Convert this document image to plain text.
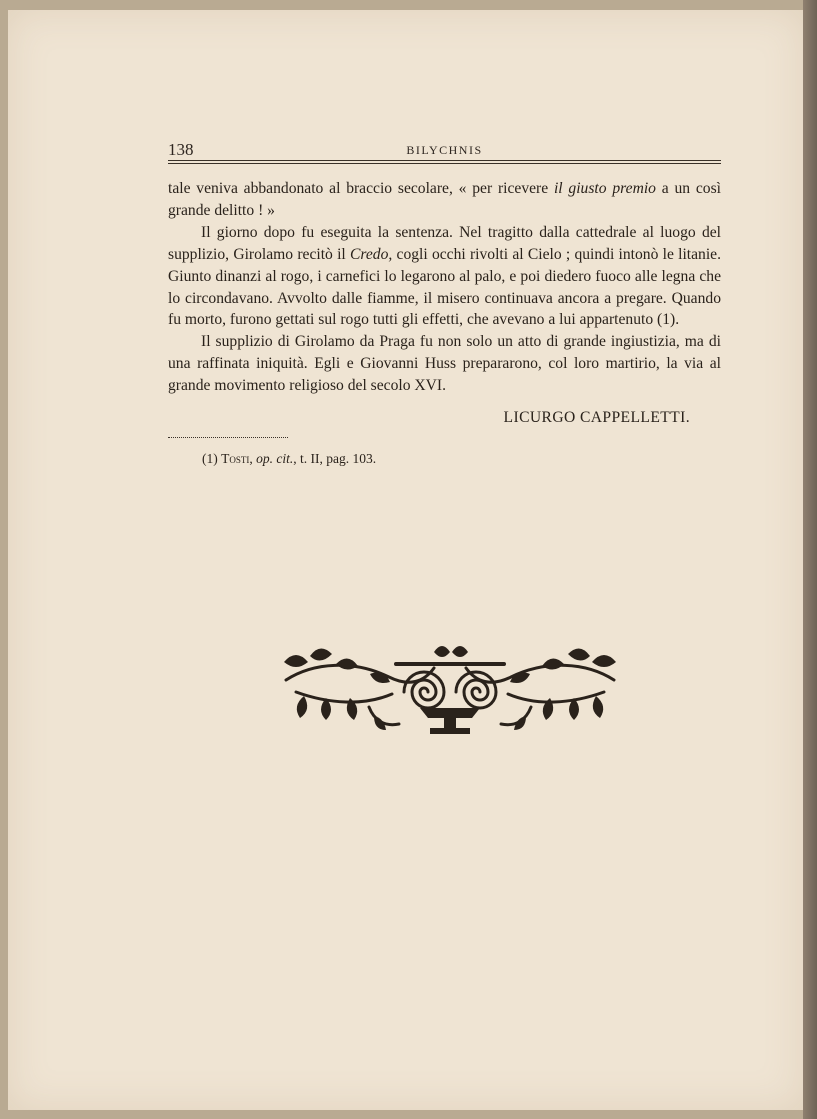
138	BILYCHNIS

tale veniva abbandonato al braccio secolare, « per ricevere il giusto premio a un così grande delitto ! »

Il giorno dopo fu eseguita la sentenza. Nel tragitto dalla cattedrale al luogo del supplizio, Girolamo recitò il Credo, cogli occhi rivolti al Cielo ; quindi intonò le litanie. Giunto dinanzi al rogo, i carnefici lo legarono al palo, e poi diedero fuoco alle legna che lo circondavano. Avvolto dalle fiamme, il misero continuava ancora a pregare. Quando fu morto, furono gettati sul rogo tutti gli effetti, che avevano a lui appartenuto (1).

Il supplizio di Girolamo da Praga fu non solo un atto di grande ingiustizia, ma di una raffinata iniquità. Egli e Giovanni Huss prepararono, col loro martirio, la via al grande movimento religioso del secolo XVI.

LICURGO CAPPELLETTI.
(1) Tosti, op. cit., t. II, pag. 103.
